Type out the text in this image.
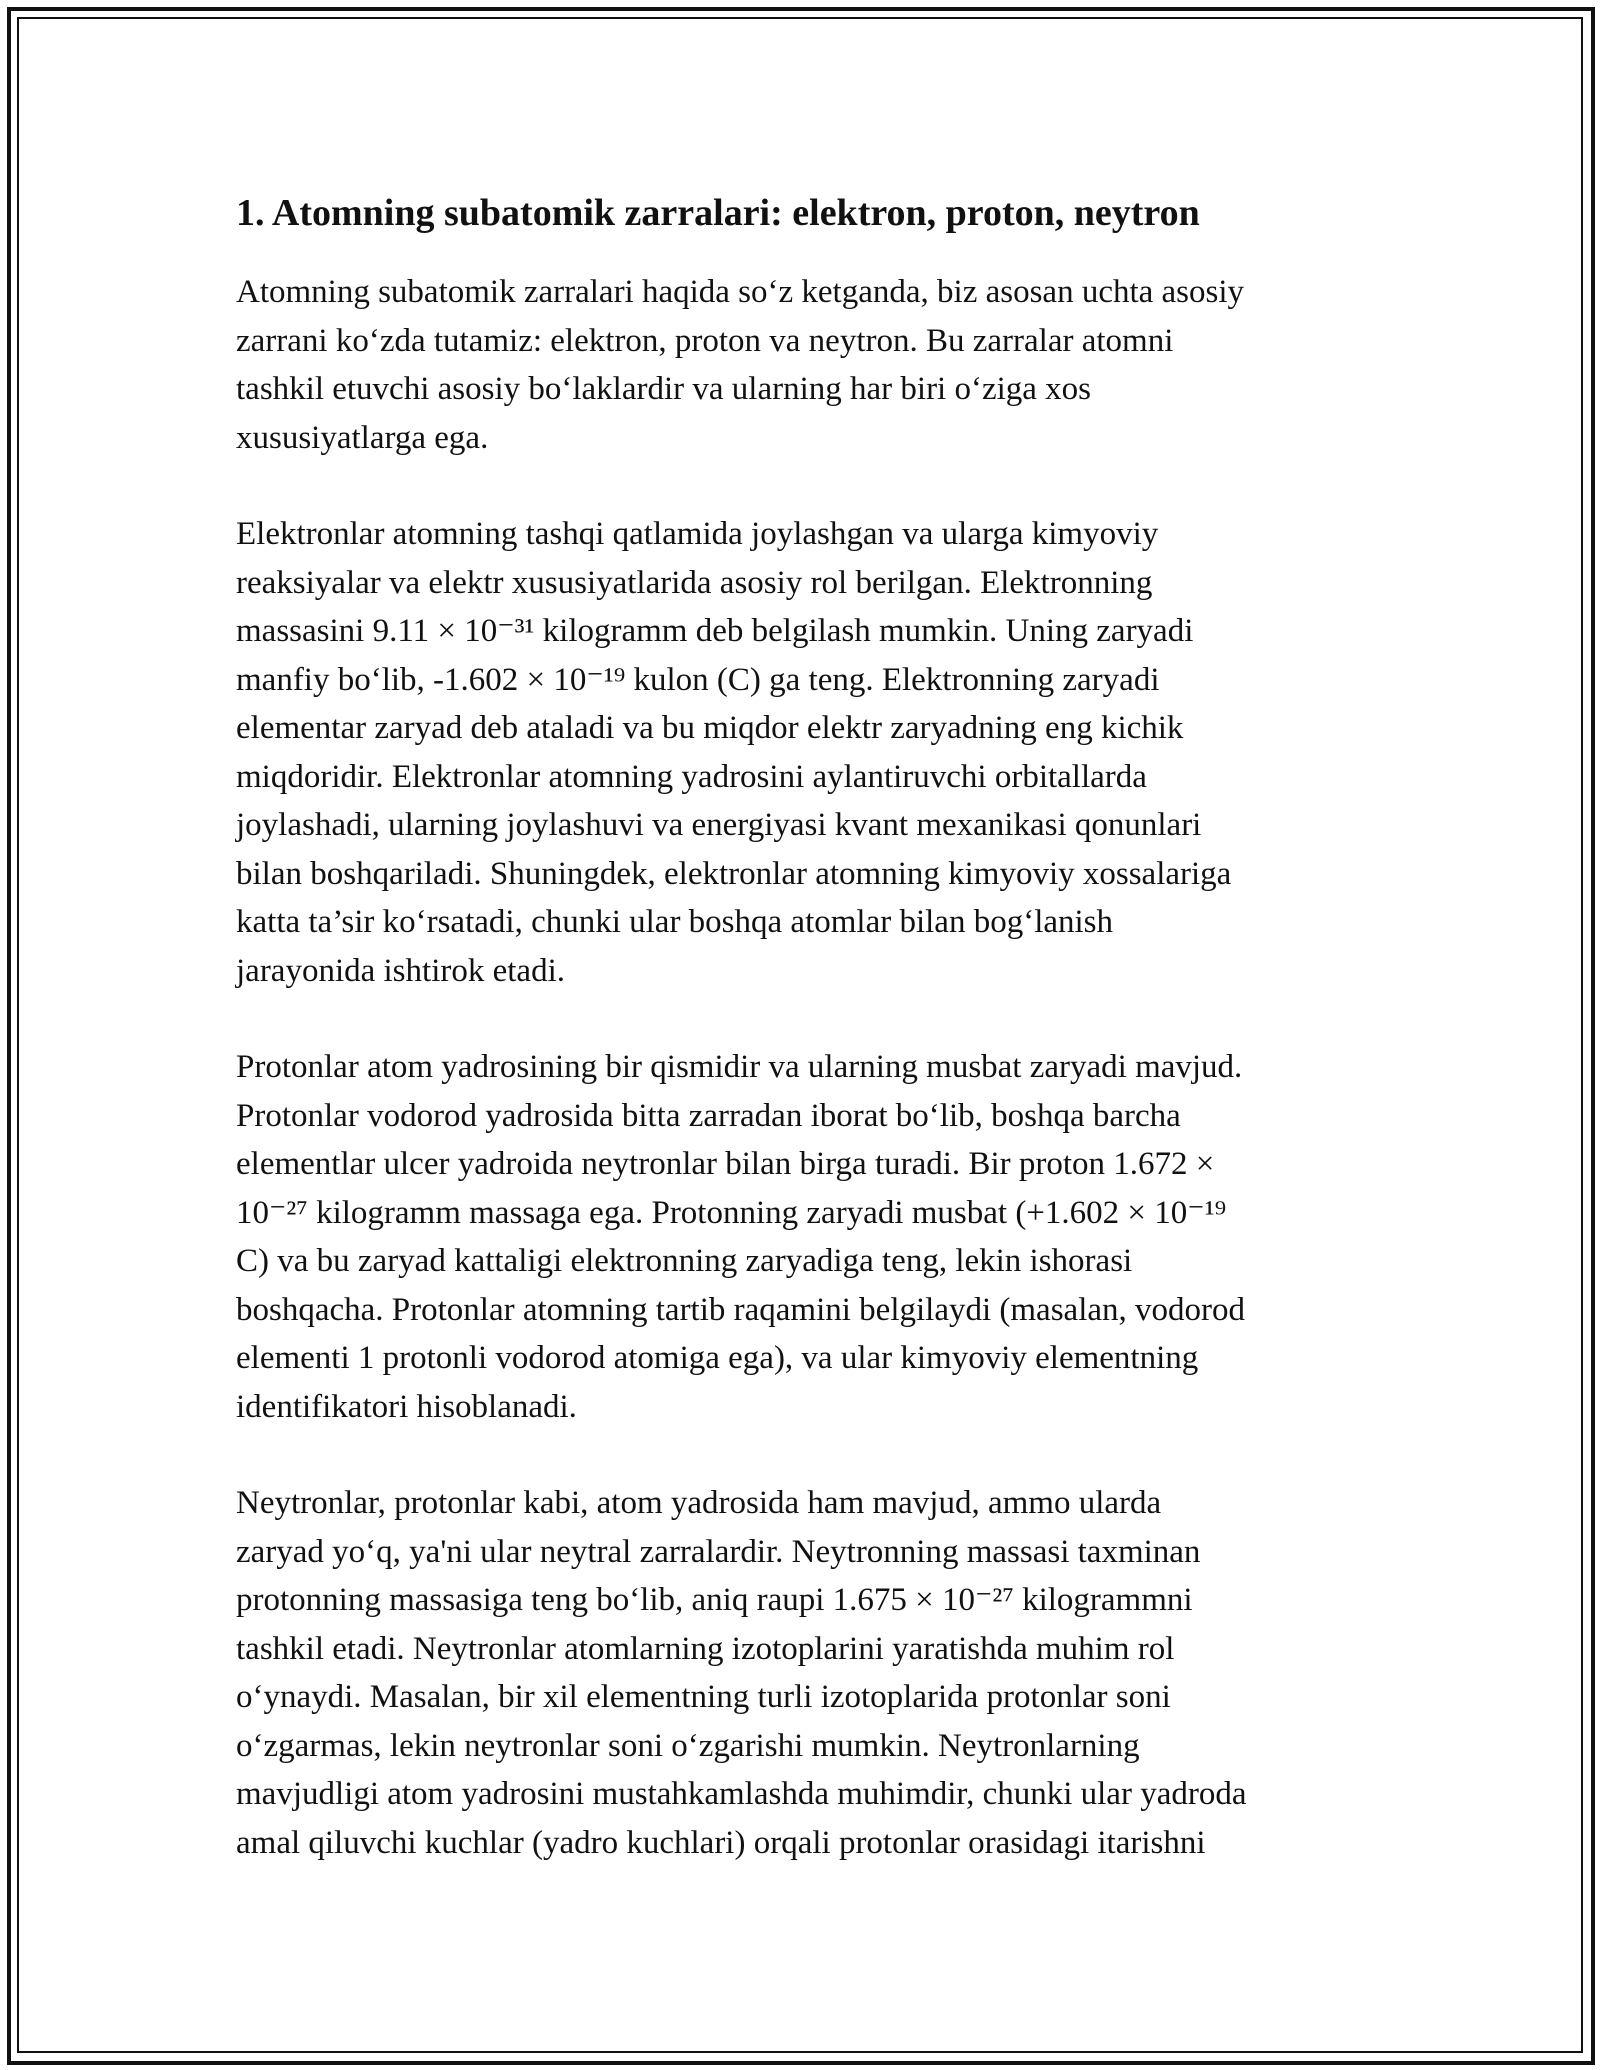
1. Atomning subatomik zarralari: elektron, proton, neytron

Atomning subatomik zarralari haqida so‘z ketganda, biz asosan uchta asosiy
zarrani ko‘zda tutamiz: elektron, proton va neytron. Bu zarralar atomni
tashkil etuvchi asosiy bo‘laklardir va ularning har biri o‘ziga xos
xususiyatlarga ega.

Elektronlar atomning tashqi qatlamida joylashgan va ularga kimyoviy
reaksiyalar va elektr xususiyatlarida asosiy rol berilgan. Elektronning
massasini 9.11 × 10⁻³¹ kilogramm deb belgilash mumkin. Uning zaryadi
manfiy bo‘lib, -1.602 × 10⁻¹⁹ kulon (C) ga teng. Elektronning zaryadi
elementar zaryad deb ataladi va bu miqdor elektr zaryadning eng kichik
miqdoridir. Elektronlar atomning yadrosini aylantiruvchi orbitallarda
joylashadi, ularning joylashuvi va energiyasi kvant mexanikasi qonunlari
bilan boshqariladi. Shuningdek, elektronlar atomning kimyoviy xossalariga
katta ta’sir ko‘rsatadi, chunki ular boshqa atomlar bilan bog‘lanish
jarayonida ishtirok etadi.

Protonlar atom yadrosining bir qismidir va ularning musbat zaryadi mavjud.
Protonlar vodorod yadrosida bitta zarradan iborat bo‘lib, boshqa barcha
elementlar ulcer yadroida neytronlar bilan birga turadi. Bir proton 1.672 ×
10⁻²⁷ kilogramm massaga ega. Protonning zaryadi musbat (+1.602 × 10⁻¹⁹
C) va bu zaryad kattaligi elektronning zaryadiga teng, lekin ishorasi
boshqacha. Protonlar atomning tartib raqamini belgilaydi (masalan, vodorod
elementi 1 protonli vodorod atomiga ega), va ular kimyoviy elementning
identifikatori hisoblanadi.

Neytronlar, protonlar kabi, atom yadrosida ham mavjud, ammo ularda
zaryad yo‘q, ya'ni ular neytral zarralardir. Neytronning massasi taxminan
protonning massasiga teng bo‘lib, aniq raupi 1.675 × 10⁻²⁷ kilogrammni
tashkil etadi. Neytronlar atomlarning izotoplarini yaratishda muhim rol
o‘ynaydi. Masalan, bir xil elementning turli izotoplarida protonlar soni
o‘zgarmas, lekin neytronlar soni o‘zgarishi mumkin. Neytronlarning
mavjudligi atom yadrosini mustahkamlashda muhimdir, chunki ular yadroda
amal qiluvchi kuchlar (yadro kuchlari) orqali protonlar orasidagi itarishni
